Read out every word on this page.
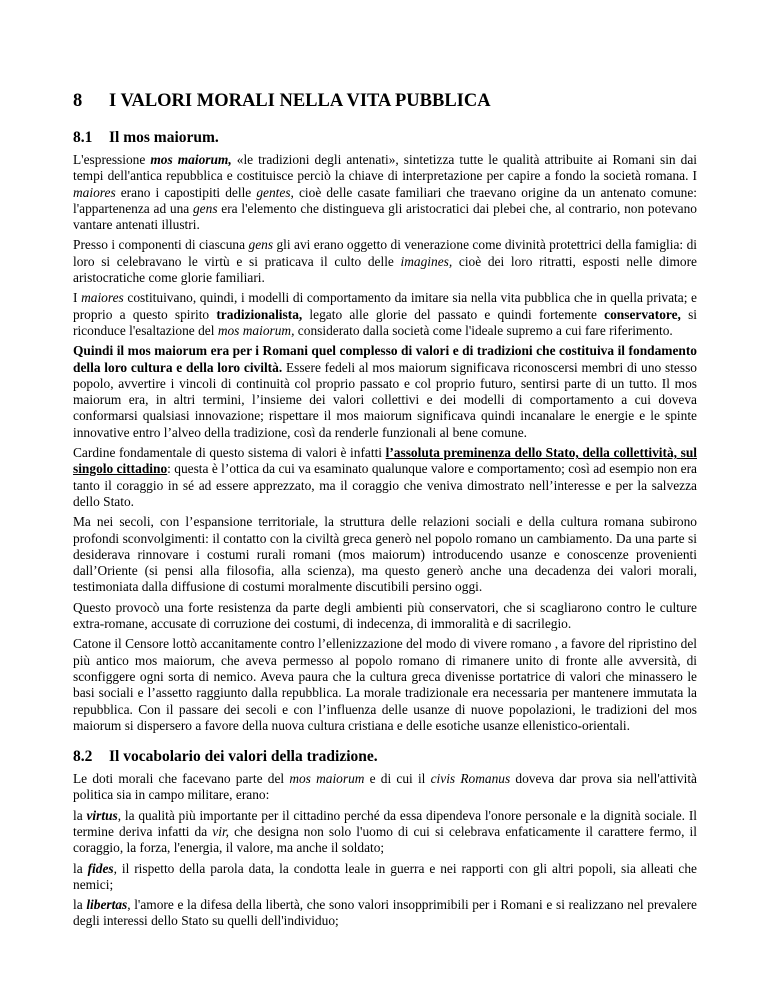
8 I VALORI MORALI NELLA VITA PUBBLICA
8.1 Il mos maiorum.

L'espressione mos maiorum, «le tradizioni degli antenati», sintetizza tutte le qualità attribuite ai Romani sin dai tempi dell'antica repubblica e costituisce perciò la chiave di interpretazione per capire a fondo la società romana. I maiores erano i capostipiti delle gentes, cioè delle casate familiari che traevano origine da un antenato comune: l'appartenenza ad una gens era l'elemento che distingueva gli aristocratici dai plebei che, al contrario, non potevano vantare antenati illustri.

Presso i componenti di ciascuna gens gli avi erano oggetto di venerazione come divinità protettrici della famiglia: di loro si celebravano le virtù e si praticava il culto delle imagines, cioè dei loro ritratti, esposti nelle dimore aristocratiche come glorie familiari.

I maiores costituivano, quindi, i modelli di comportamento da imitare sia nella vita pubblica che in quella privata; e proprio a questo spirito tradizionalista, legato alle glorie del passato e quindi fortemente conservatore, si riconduce l'esaltazione del mos maiorum, considerato dalla società come l'ideale supremo a cui fare riferimento.

Quindi il mos maiorum era per i Romani quel complesso di valori e di tradizioni che costituiva il fondamento della loro cultura e della loro civiltà. Essere fedeli al mos maiorum significava riconoscersi membri di uno stesso popolo, avvertire i vincoli di continuità col proprio passato e col proprio futuro, sentirsi parte di un tutto. Il mos maiorum era, in altri termini, l’insieme dei valori collettivi e dei modelli di comportamento a cui doveva conformarsi qualsiasi innovazione; rispettare il mos maiorum significava quindi incanalare le energie e le spinte innovative entro l’alveo della tradizione, così da renderle funzionali al bene comune.

Cardine fondamentale di questo sistema di valori è infatti l’assoluta preminenza dello Stato, della collettività, sul singolo cittadino: questa è l’ottica da cui va esaminato qualunque valore e comportamento; così ad esempio non era tanto il coraggio in sé ad essere apprezzato, ma il coraggio che veniva dimostrato nell’interesse e per la salvezza dello Stato.

Ma nei secoli, con l’espansione territoriale, la struttura delle relazioni sociali e della cultura romana subirono profondi sconvolgimenti: il contatto con la civiltà greca generò nel popolo romano un cambiamento. Da una parte si desiderava rinnovare i costumi rurali romani (mos maiorum) introducendo usanze e conoscenze provenienti dall’Oriente (si pensi alla filosofia, alla scienza), ma questo generò anche una decadenza dei valori morali, testimoniata dalla diffusione di costumi moralmente discutibili persino oggi.

Questo provocò una forte resistenza da parte degli ambienti più conservatori, che si scagliarono contro le culture extra-romane, accusate di corruzione dei costumi, di indecenza, di immoralità e di sacrilegio.

Catone il Censore lottò accanitamente contro l’ellenizzazione del modo di vivere romano , a favore del ripristino del più antico mos maiorum, che aveva permesso al popolo romano di rimanere unito di fronte alle avversità, di sconfiggere ogni sorta di nemico. Aveva paura che la cultura greca divenisse portatrice di valori che minassero le basi sociali e l’assetto raggiunto dalla repubblica. La morale tradizionale era necessaria per mantenere immutata la repubblica. Con il passare dei secoli e con l’influenza delle usanze di nuove popolazioni, le tradizioni del mos maiorum si dispersero a favore della nuova cultura cristiana e delle esotiche usanze ellenistico-orientali.

8.2 Il vocabolario dei valori della tradizione.

Le doti morali che facevano parte del mos maiorum e di cui il civis Romanus doveva dar prova sia nell'attività politica sia in campo militare, erano:

la virtus, la qualità più importante per il cittadino perché da essa dipendeva l'onore personale e la dignità sociale. Il termine deriva infatti da vir, che designa non solo l'uomo di cui si celebrava enfaticamente il carattere fermo, il coraggio, la forza, l'energia, il valore, ma anche il soldato;

la fides, il rispetto della parola data, la condotta leale in guerra e nei rapporti con gli altri popoli, sia alleati che nemici;

la libertas, l'amore e la difesa della libertà, che sono valori insopprimibili per i Romani e si realizzano nel prevalere degli interessi dello Stato su quelli dell'individuo;
